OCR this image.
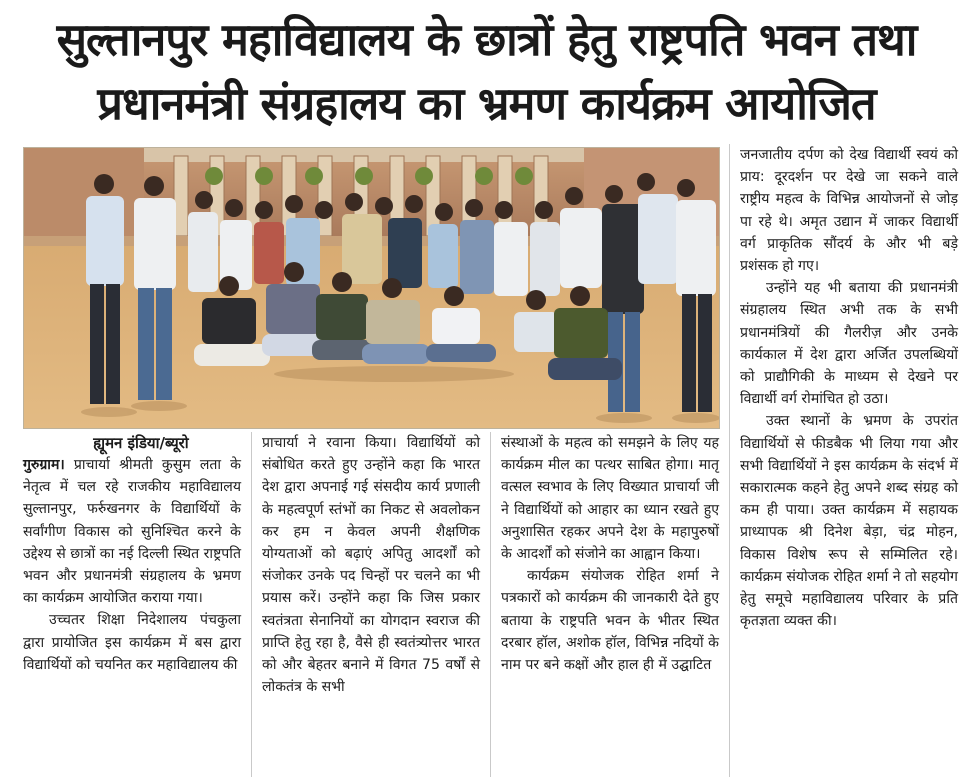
सुल्तानपुर महाविद्यालय के छात्रों हेतु राष्ट्रपति भवन तथा
प्रधानमंत्री संग्रहालय का भ्रमण कार्यक्रम आयोजित
ह्यूमन इंडिया/ब्यूरो

गुरुग्राम। प्राचार्या श्रीमती कुसुम लता के नेतृत्व में चल रहे राजकीय महाविद्यालय सुल्तानपुर, फर्रुखनगर के विद्यार्थियों के सर्वांगीण विकास को सुनिश्चित करने के उद्देश्य से छात्रों का नई दिल्ली स्थित राष्ट्रपति भवन और प्रधानमंत्री संग्रहालय के भ्रमण का कार्यक्रम आयोजित कराया गया।

उच्चतर शिक्षा निदेशालय पंचकुला द्वारा प्रायोजित इस कार्यक्रम में बस द्वारा विद्यार्थियों को चयनित कर महाविद्यालय की

प्राचार्या ने रवाना किया। विद्यार्थियों को संबोधित करते हुए उन्होंने कहा कि भारत देश द्वारा अपनाई गई संसदीय कार्य प्रणाली के महत्वपूर्ण स्तंभों का निकट से अवलोकन कर हम न केवल अपनी शैक्षणिक योग्यताओं को बढ़ाएं अपितु आदर्शों को संजोकर उनके पद चिन्हों पर चलने का भी प्रयास करें। उन्होंने कहा कि जिस प्रकार स्वतंत्रता सेनानियों का योगदान स्वराज की प्राप्ति हेतु रहा है, वैसे ही स्वतंत्र्योत्तर भारत को और बेहतर बनाने में विगत 75 वर्षों से लोकतंत्र के सभी

संस्थाओं के महत्व को समझने के लिए यह कार्यक्रम मील का पत्थर साबित होगा। मातृ वत्सल स्वभाव के लिए विख्यात प्राचार्या जी ने विद्यार्थियों को आहार का ध्यान रखते हुए अनुशासित रहकर अपने देश के महापुरुषों के आदर्शों को संजोने का आह्वान किया।

कार्यक्रम संयोजक रोहित शर्मा ने पत्रकारों को कार्यक्रम की जानकारी देते हुए बताया के राष्ट्रपति भवन के भीतर स्थित दरबार हॉल, अशोक हॉल, विभिन्न नदियों के नाम पर बने कक्षों और हाल ही में उद्घाटित

जनजातीय दर्पण को देख विद्यार्थी स्वयं को प्राय: दूरदर्शन पर देखे जा सकने वाले राष्ट्रीय महत्व के विभिन्न आयोजनों से जोड़ पा रहे थे। अमृत उद्यान में जाकर विद्यार्थी वर्ग प्राकृतिक सौंदर्य के और भी बड़े प्रशंसक हो गए।

उन्होंने यह भी बताया की प्रधानमंत्री संग्रहालय स्थित अभी तक के सभी प्रधानमंत्रियों की गैलरीज़ और उनके कार्यकाल में देश द्वारा अर्जित उपलब्धियों को प्राद्यौगिकी के माध्यम से देखने पर विद्यार्थी वर्ग रोमांचित हो उठा।

उक्त स्थानों के भ्रमण के उपरांत विद्यार्थियों से फीडबैक भी लिया गया और सभी विद्यार्थियों ने इस कार्यक्रम के संदर्भ में सकारात्मक कहने हेतु अपने शब्द संग्रह को कम ही पाया। उक्त कार्यक्रम में सहायक प्राध्यापक श्री दिनेश बेड़ा, चंद्र मोहन, विकास विशेष रूप से सम्मिलित रहे। कार्यक्रम संयोजक रोहित शर्मा ने तो सहयोग हेतु समूचे महाविद्यालय परिवार के प्रति कृतज्ञता व्यक्त की।
